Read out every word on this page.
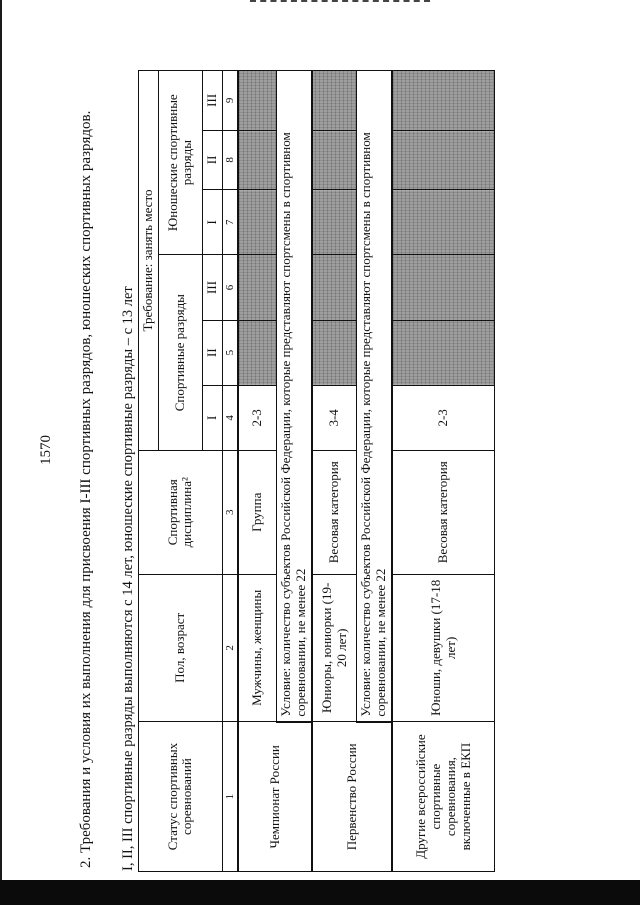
1570 2. Требования и условия их выполнения для присвоения I-III спортивных разрядов, юношеских спортивных разрядов. I, II, III спортивные разряды выполняются с 14 лет, юношеские спортивные разряды – с 13 лет Статус спортивных соревнований	Пол, возраст	Спортивная дисциплина²	Требование: занять место					
			Спортивные разряды			Юношеские спортивные разряды		
			I	II	III	I	II	III
1	2	3	4	5	6	7	8	9
Чемпионат России	Мужчины, женщины	Группа	2-3					
	Условие: количество субъектов Российской Федерации, которые представляют спортсмены в спортивном соревновании, не менее 22							
Первенство России	Юниоры, юниорки (19-20 лет)	Весовая категория	3-4					
	Условие: количество субъектов Российской Федерации, которые представляют спортсмены в спортивном соревновании, не менее 22							
Другие всероссийские спортивные соревнования, включенные в ЕКП	Юноши, девушки (17-18 лет)	Весовая категория	2-3					
